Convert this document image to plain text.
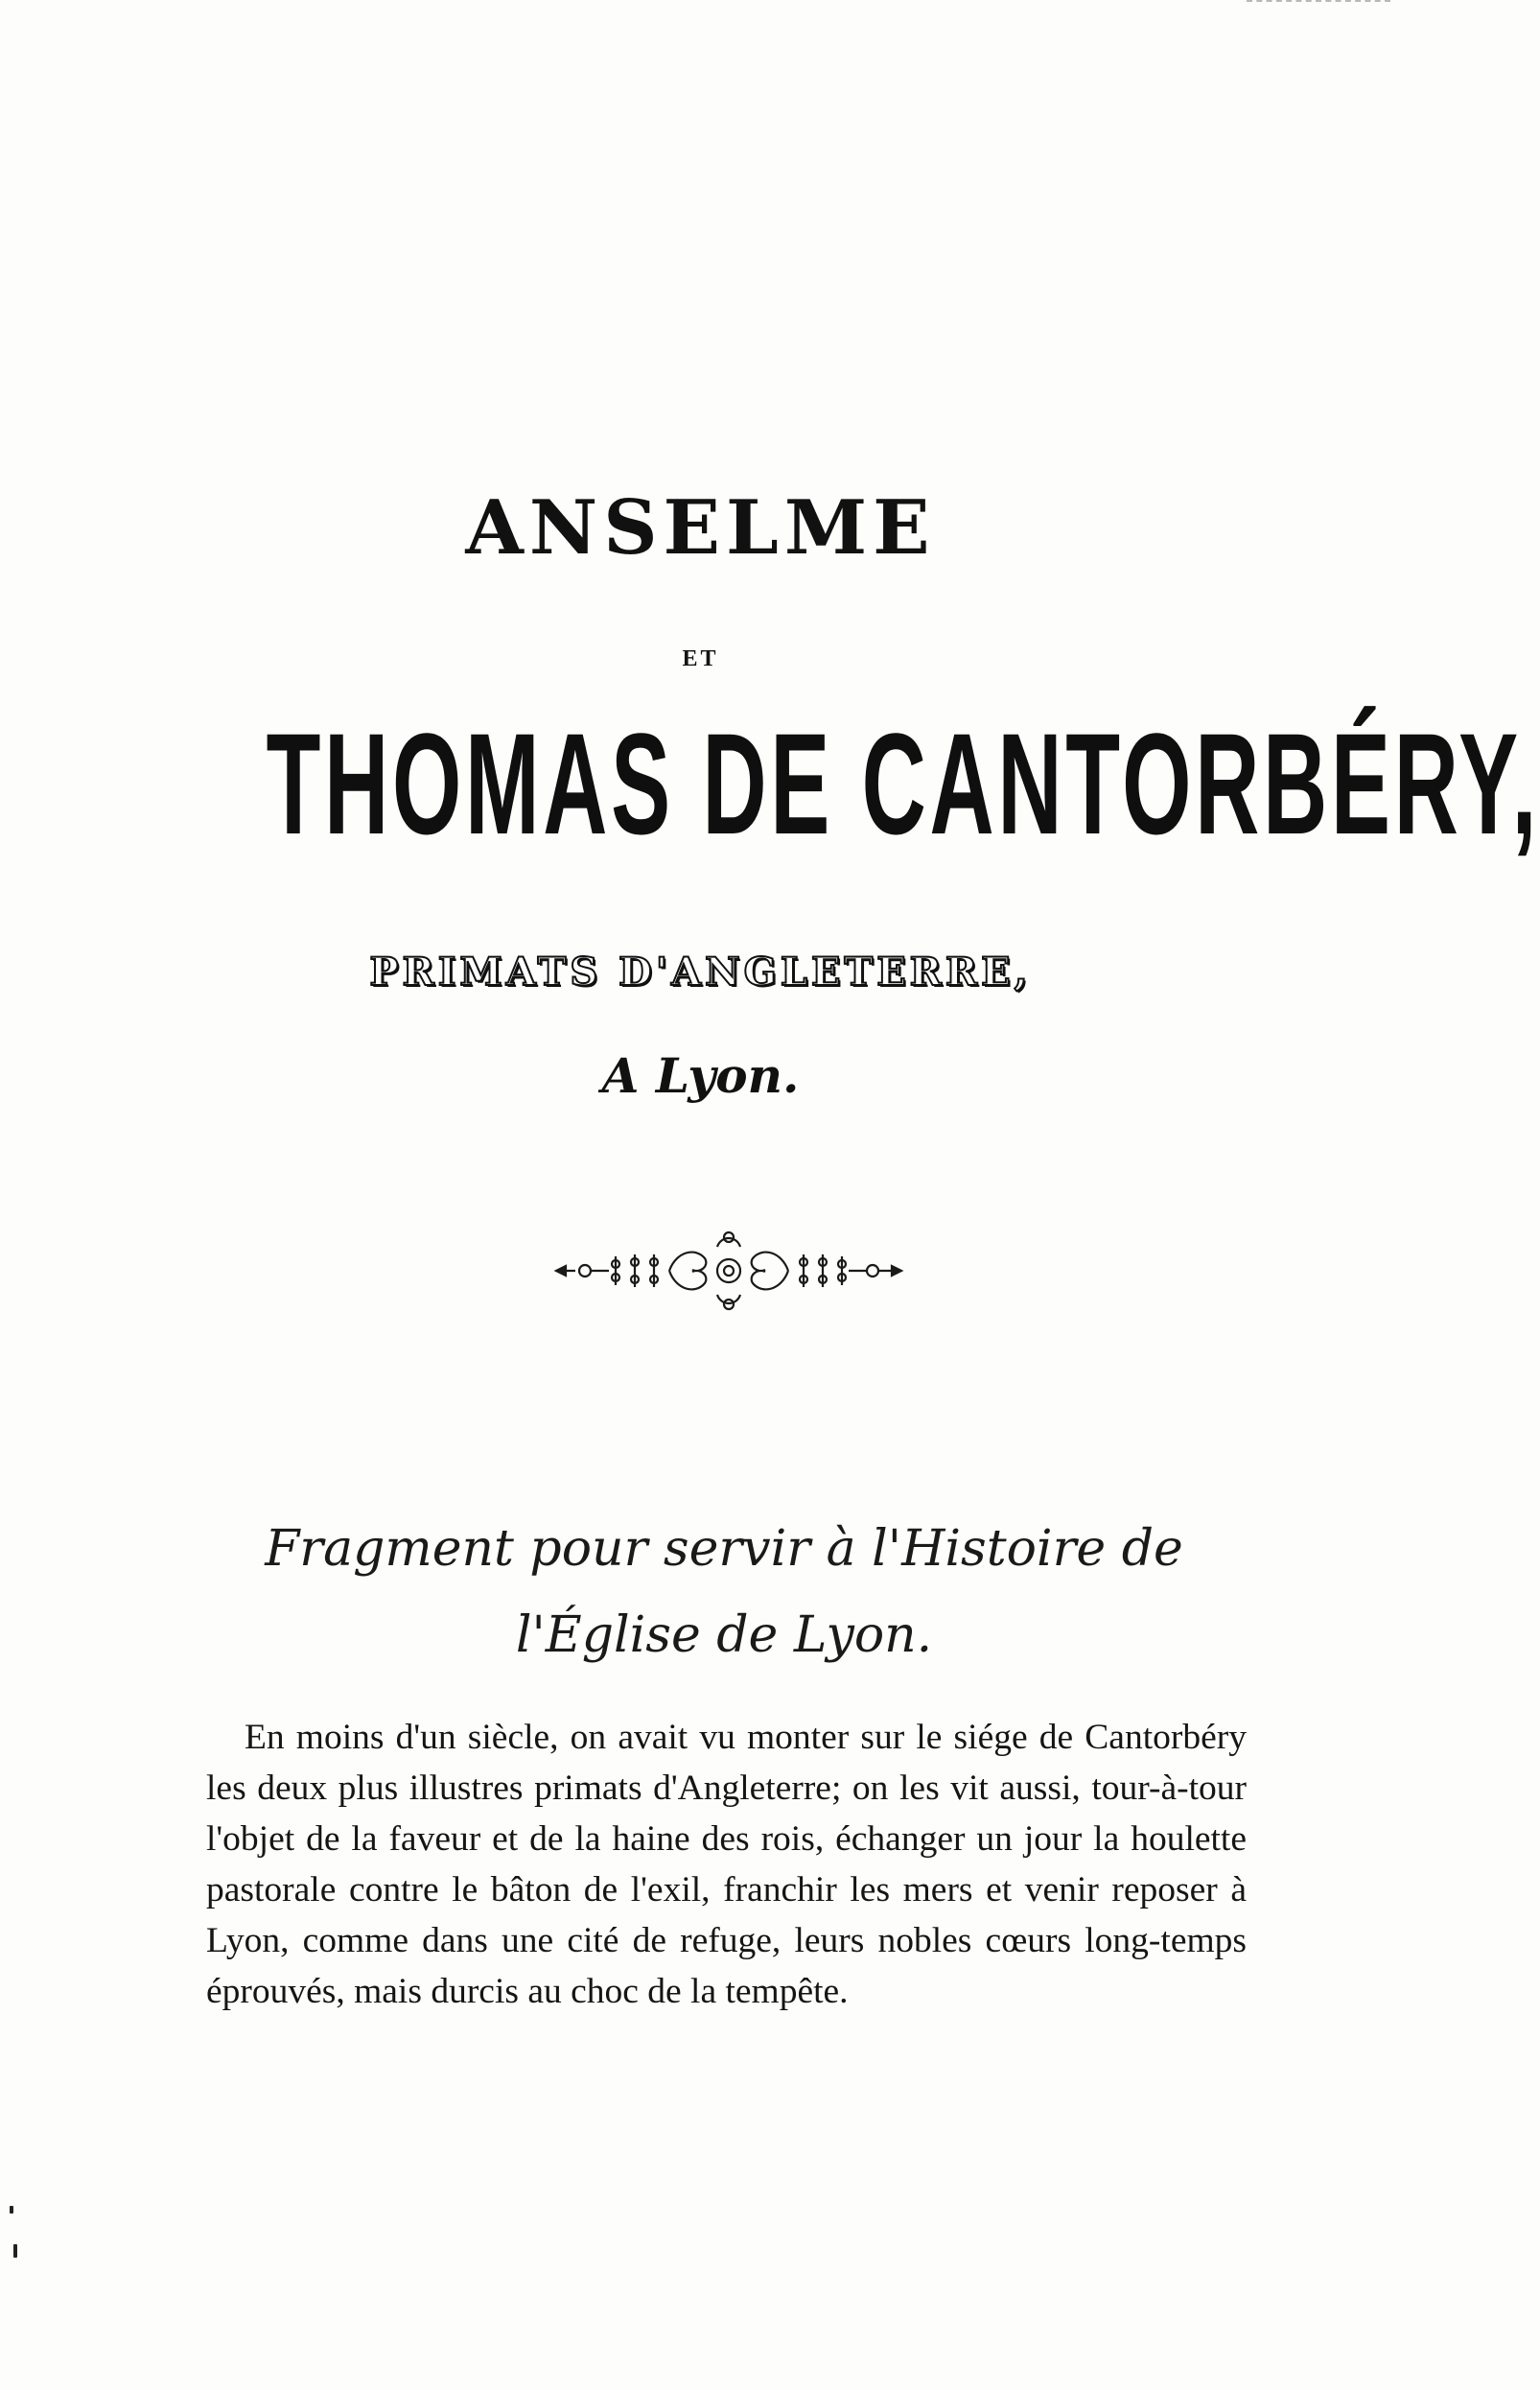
ANSELME
ET
THOMAS DE CANTORBÉRY,
PRIMATS D'ANGLETERRE,
A Lyon.
Fragment pour servir à l'Histoire de l'Église de Lyon.

En moins d'un siècle, on avait vu monter sur le siége de Cantorbéry les deux plus illustres primats d'Angleterre; on les vit aussi, tour-à-tour l'objet de la faveur et de la haine des rois, échanger un jour la houlette pastorale contre le bâton de l'exil, franchir les mers et venir reposer à Lyon, comme dans une cité de refuge, leurs nobles cœurs long-temps éprouvés, mais durcis au choc de la tempête.
